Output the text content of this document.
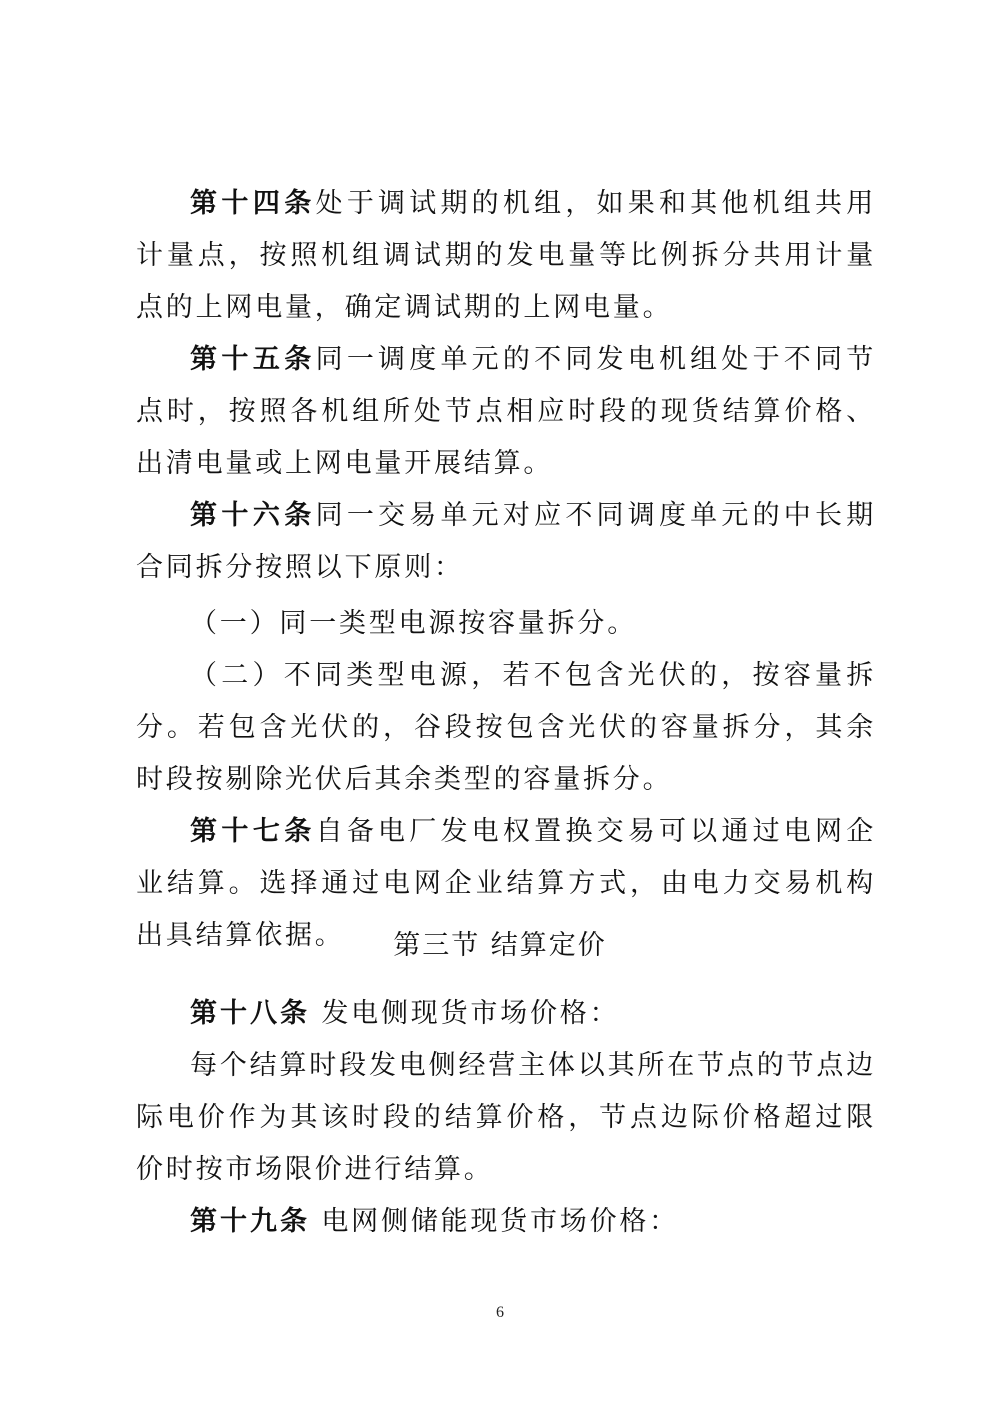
第十四条处于调试期的机组，如果和其他机组共用计量点，按照机组调试期的发电量等比例拆分共用计量点的上网电量，确定调试期的上网电量。

第十五条同一调度单元的不同发电机组处于不同节点时，按照各机组所处节点相应时段的现货结算价格、出清电量或上网电量开展结算。

第十六条同一交易单元对应不同调度单元的中长期合同拆分按照以下原则：

（一）同一类型电源按容量拆分。

（二）不同类型电源，若不包含光伏的，按容量拆分。若包含光伏的，谷段按包含光伏的容量拆分，其余时段按剔除光伏后其余类型的容量拆分。

第十七条自备电厂发电权置换交易可以通过电网企业结算。选择通过电网企业结算方式，由电力交易机构出具结算依据。	第三节 结算定价

第十八条 发电侧现货市场价格：

每个结算时段发电侧经营主体以其所在节点的节点边际电价作为其该时段的结算价格，节点边际价格超过限价时按市场限价进行结算。

第十九条 电网侧储能现货市场价格：

6
